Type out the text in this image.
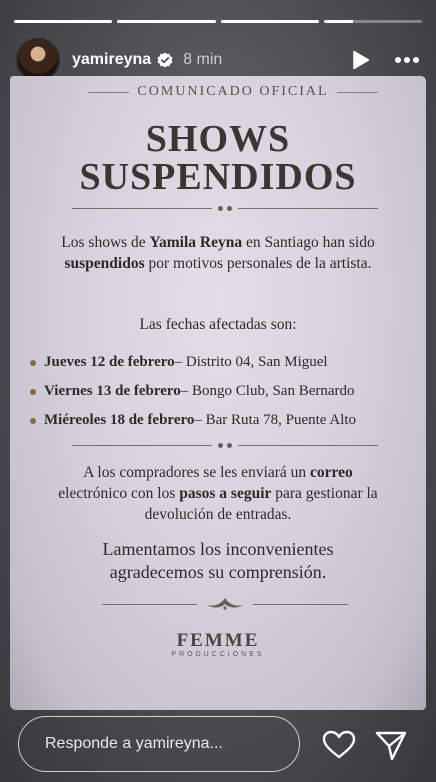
yamireyna 8 min
COMUNICADO OFICIAL
SHOWS
SUSPENDIDOS
Los shows de Yamila Reyna en Santiago han sido suspendidos por motivos personales de la artista.
Las fechas afectadas son:
Jueves 12 de febrero – Distrito 04, San Miguel
Viernes 13 de febrero – Bongo Club, San Bernardo
Miéreoles 18 de febrero – Bar Ruta 78, Puente Alto
A los compradores se les enviará un correo electrónico con los pasos a seguir para gestionar la devolución de entradas.
Lamentamos los inconvenientes
agradecemos su comprensión.
FEMME
PRODUCCIONES
Responde a yamireyna...
